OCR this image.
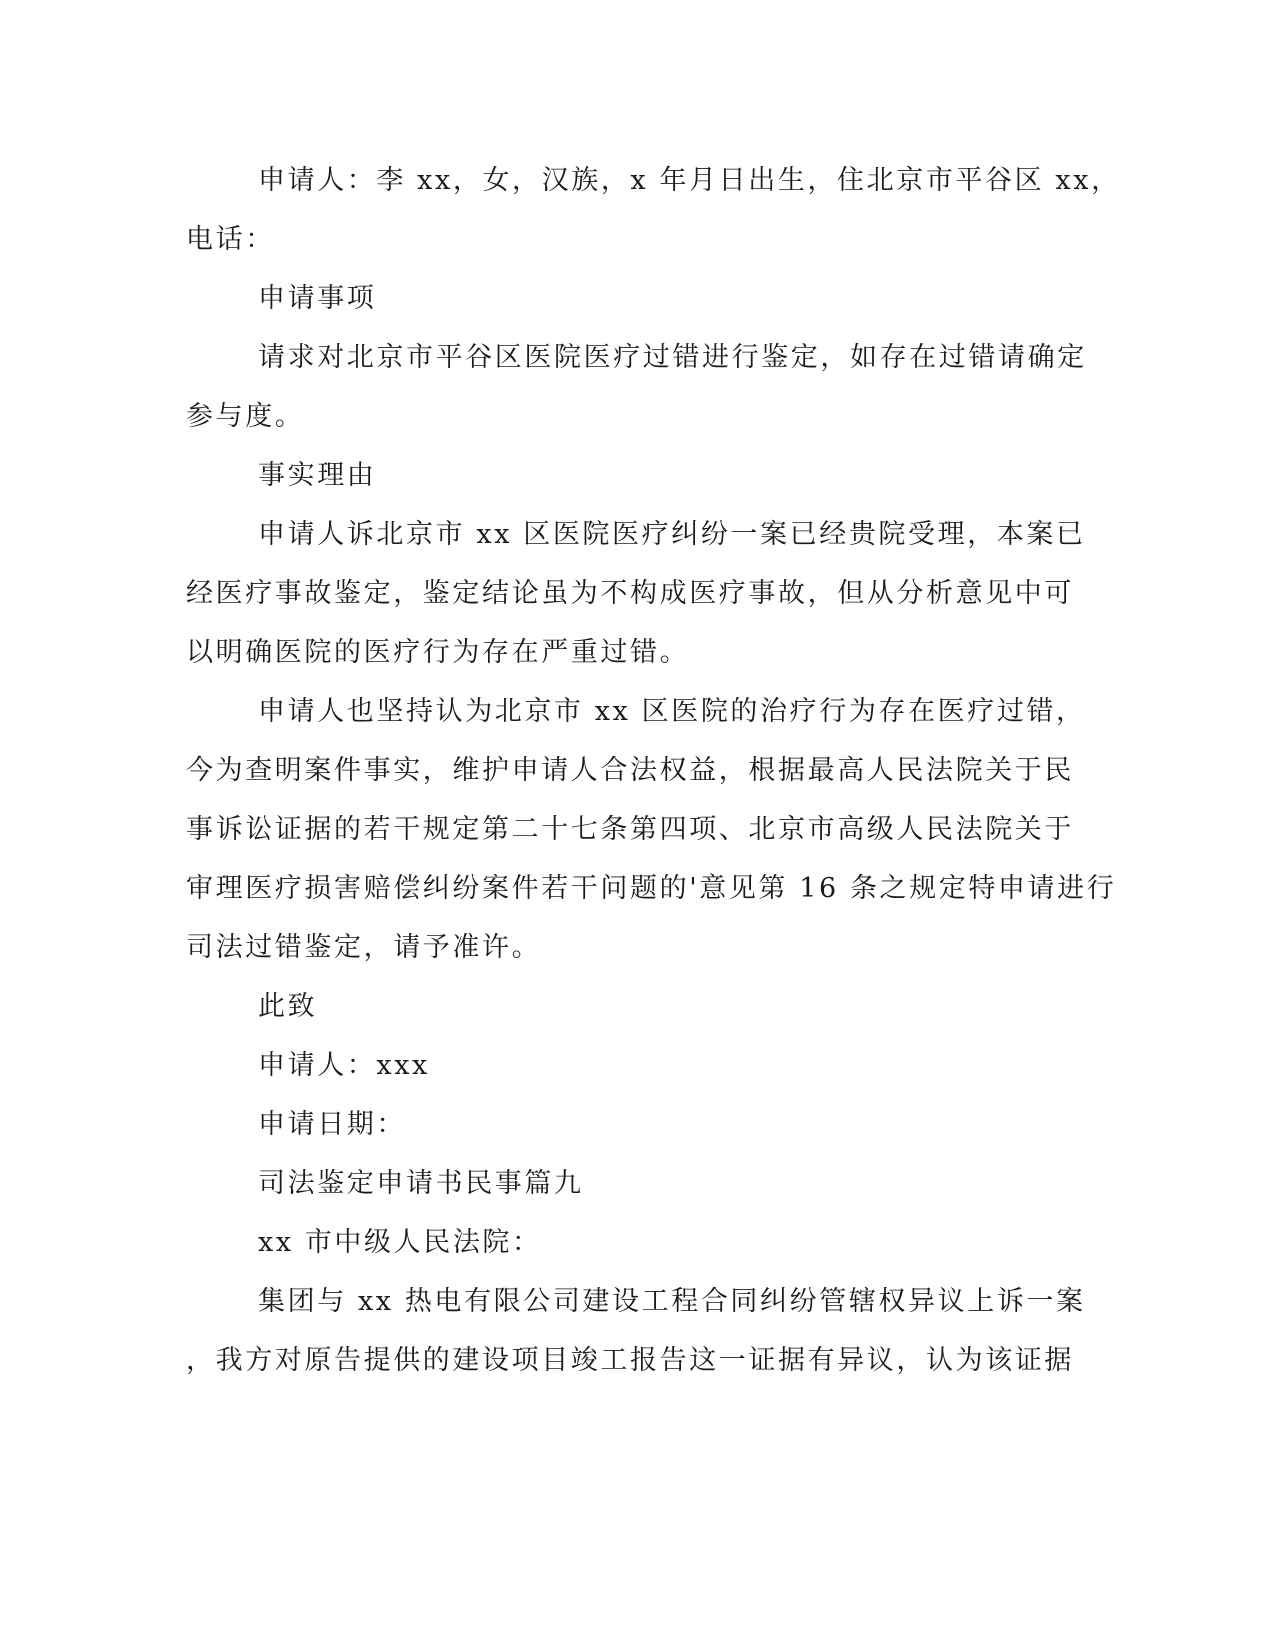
申请人：李 xx，女，汉族，x 年月日出生，住北京市平谷区 xx，

电话：

申请事项

请求对北京市平谷区医院医疗过错进行鉴定，如存在过错请确定

参与度。

事实理由

申请人诉北京市 xx 区医院医疗纠纷一案已经贵院受理，本案已

经医疗事故鉴定，鉴定结论虽为不构成医疗事故，但从分析意见中可

以明确医院的医疗行为存在严重过错。

申请人也坚持认为北京市 xx 区医院的治疗行为存在医疗过错，

今为查明案件事实，维护申请人合法权益，根据最高人民法院关于民

事诉讼证据的若干规定第二十七条第四项、北京市高级人民法院关于

审理医疗损害赔偿纠纷案件若干问题的'意见第 16 条之规定特申请进行

司法过错鉴定，请予准许。

此致

申请人：xxx

申请日期：

司法鉴定申请书民事篇九

xx 市中级人民法院：

集团与 xx 热电有限公司建设工程合同纠纷管辖权异议上诉一案

，我方对原告提供的建设项目竣工报告这一证据有异议，认为该证据
